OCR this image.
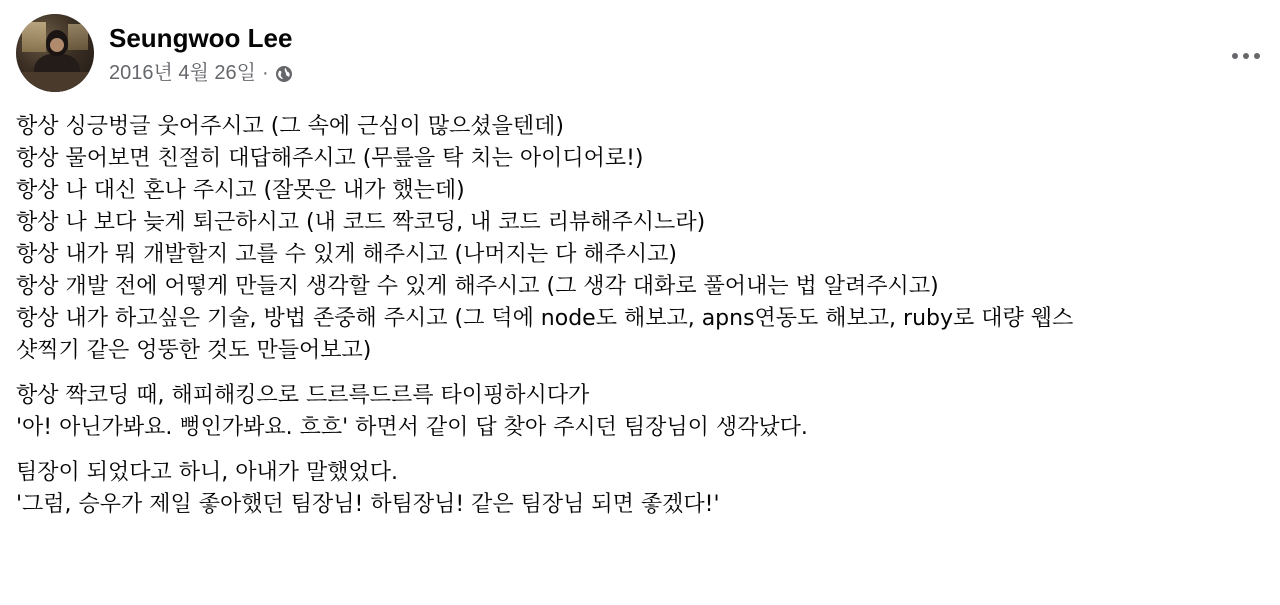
Seungwoo Lee
2016년 4월 26일 ·
항상 싱긍벙글 웃어주시고 (그 속에 근심이 많으셨을텐데)
항상 물어보면 친절히 대답해주시고 (무릎을 탁 치는 아이디어로!)
항상 나 대신 혼나 주시고 (잘못은 내가 했는데)
항상 나 보다 늦게 퇴근하시고 (내 코드 짝코딩, 내 코드 리뷰해주시느라)
항상 내가 뭐 개발할지 고를 수 있게 해주시고 (나머지는 다 해주시고)
항상 개발 전에 어떻게 만들지 생각할 수 있게 해주시고 (그 생각 대화로 풀어내는 법 알려주시고)
항상 내가 하고싶은 기술, 방법 존중해 주시고 (그 덕에 node도 해보고, apns연동도 해보고, ruby로 대량 웹스
샷찍기 같은 엉뚱한 것도 만들어보고)
항상 짝코딩 때, 해피해킹으로 드르륵드르륵 타이핑하시다가
'아! 아닌가봐요. 뻥인가봐요. 흐흐' 하면서 같이 답 찾아 주시던 팀장님이 생각났다.
팀장이 되었다고 하니, 아내가 말했었다.
'그럼, 승우가 제일 좋아했던 팀장님! 하팀장님! 같은 팀장님 되면 좋겠다!'
